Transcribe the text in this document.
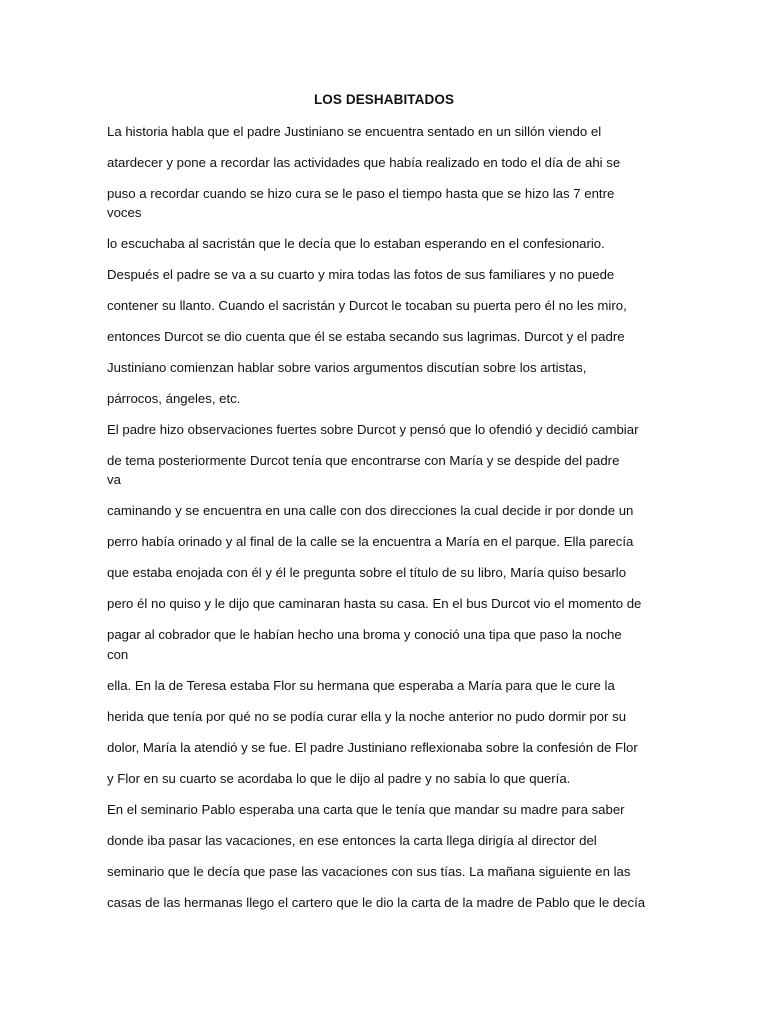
LOS DESHABITADOS
La historia habla que el padre Justiniano se encuentra sentado en un sillón viendo el
atardecer y pone a recordar las actividades que había realizado en todo el día de ahi se
puso a recordar cuando se hizo cura se le paso el tiempo hasta que se hizo las 7 entre
voces
lo escuchaba al sacristán que le decía que lo estaban esperando en el confesionario.
Después el padre se va a su cuarto y mira todas las fotos de sus familiares y no puede
contener su llanto. Cuando el sacristán y Durcot le tocaban su puerta pero él no les miro,
entonces Durcot se dio cuenta que él se estaba secando sus lagrimas. Durcot y el padre
Justiniano comienzan hablar sobre varios argumentos discutían sobre los artistas,
párrocos, ángeles, etc.
El padre hizo observaciones fuertes sobre Durcot y pensó que lo ofendió y decidió cambiar
de tema posteriormente Durcot tenía que encontrarse con María y se despide del padre
va
caminando y se encuentra en una calle con dos direcciones la cual decide ir por donde un
perro había orinado y al final de la calle se la encuentra a María en el parque. Ella parecía
que estaba enojada con él y él le pregunta sobre el título de su libro, María quiso besarlo
pero él no quiso y le dijo que caminaran hasta su casa. En el bus Durcot vio el momento de
pagar al cobrador que le habían hecho una broma y conoció una tipa que paso la noche
con
ella. En la de Teresa estaba Flor su hermana que esperaba a María para que le cure la
herida que tenía por qué no se podía curar ella y la noche anterior no pudo dormir por su
dolor, María la atendió y se fue. El padre Justiniano reflexionaba sobre la confesión de Flor
y Flor en su cuarto se acordaba lo que le dijo al padre y no sabía lo que quería.
En el seminario Pablo esperaba una carta que le tenía que mandar su madre para saber
donde iba pasar las vacaciones, en ese entonces la carta llega dirigía al director del
seminario que le decía que pase las vacaciones con sus tías. La mañana siguiente en las
casas de las hermanas llego el cartero que le dio la carta de la madre de Pablo que le decía
